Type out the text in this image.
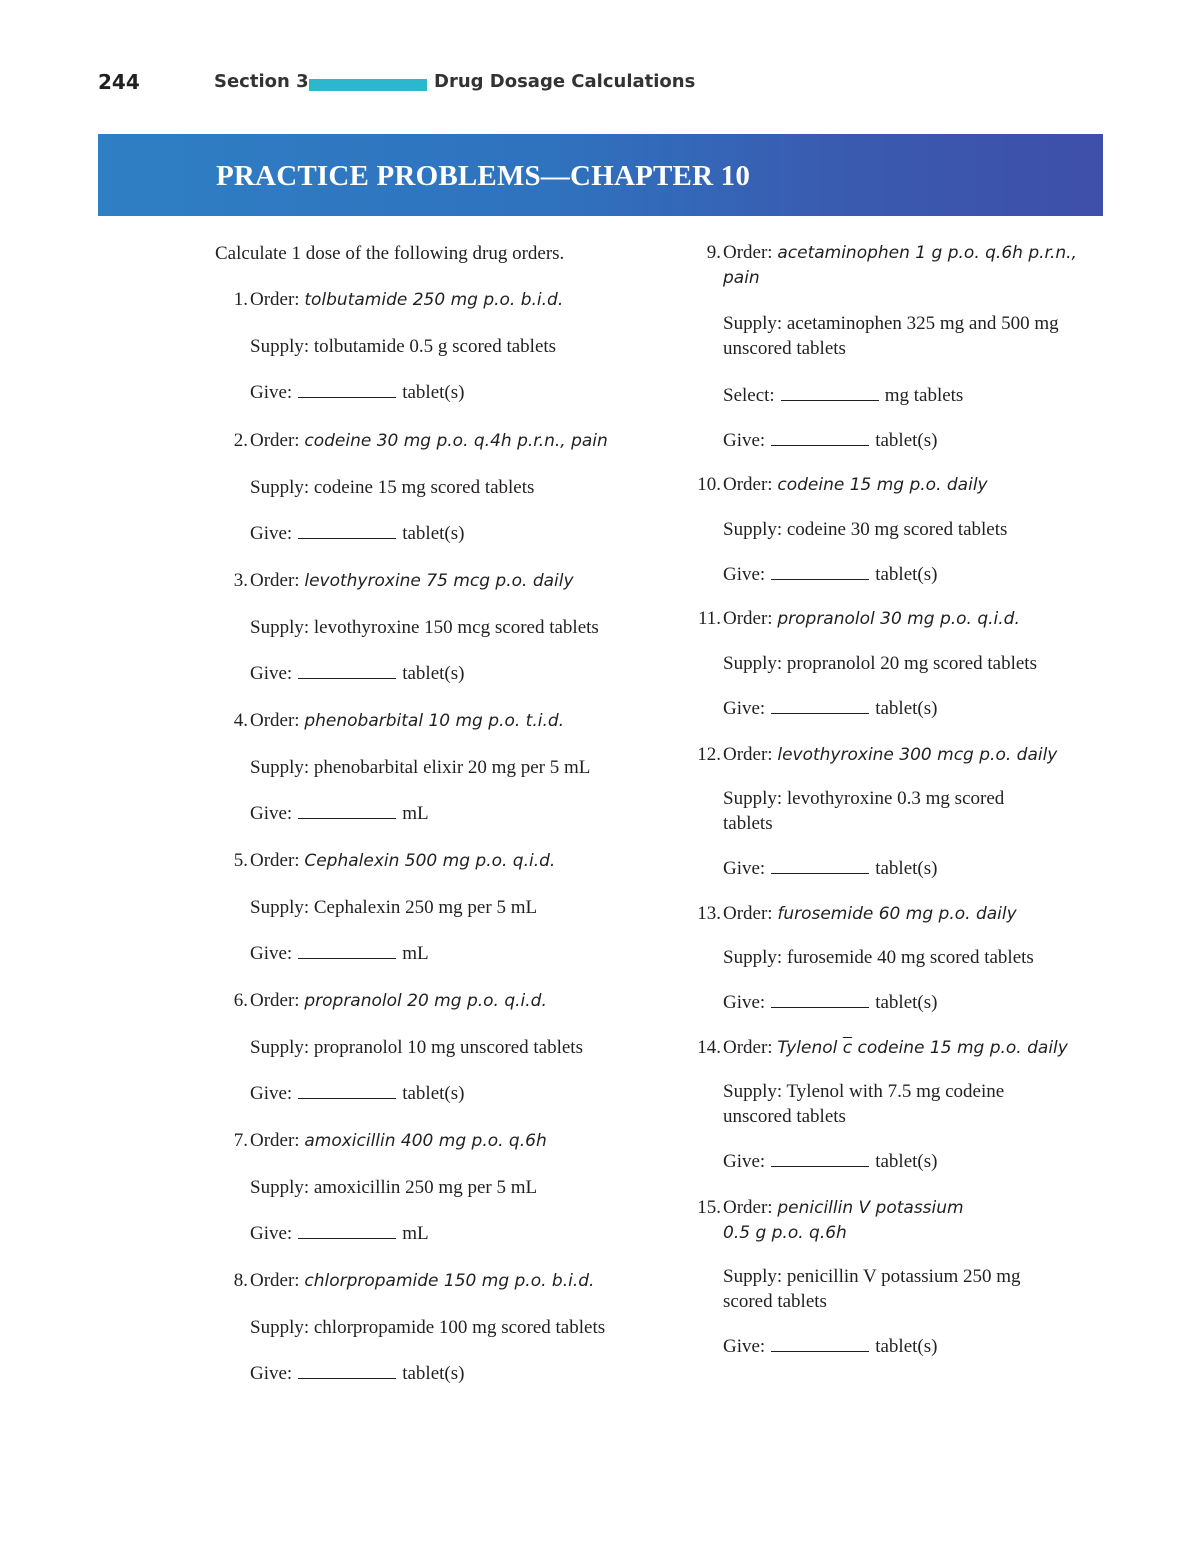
244	Section 3	Drug Dosage Calculations
PRACTICE PROBLEMS—CHAPTER 10
Calculate 1 dose of the following drug orders.
1. Order: tolbutamide 250 mg p.o. b.i.d.
Supply: tolbutamide 0.5 g scored tablets
Give:	tablet(s)
2. Order: codeine 30 mg p.o. q.4h p.r.n., pain
Supply: codeine 15 mg scored tablets
Give:	tablet(s)
3. Order: levothyroxine 75 mcg p.o. daily
Supply: levothyroxine 150 mcg scored tablets
Give:	tablet(s)
4. Order: phenobarbital 10 mg p.o. t.i.d.
Supply: phenobarbital elixir 20 mg per 5 mL
Give:	mL
5. Order: Cephalexin 500 mg p.o. q.i.d.
Supply: Cephalexin 250 mg per 5 mL
Give:	mL
6. Order: propranolol 20 mg p.o. q.i.d.
Supply: propranolol 10 mg unscored tablets
Give:	tablet(s)
7. Order: amoxicillin 400 mg p.o. q.6h
Supply: amoxicillin 250 mg per 5 mL
Give:	mL
8. Order: chlorpropamide 150 mg p.o. b.i.d.
Supply: chlorpropamide 100 mg scored tablets
Give:	tablet(s)
9. Order: acetaminophen 1 g p.o. q.6h p.r.n.,
pain
Supply: acetaminophen 325 mg and 500 mg
unscored tablets
Select:	mg tablets
Give:	tablet(s)
10. Order: codeine 15 mg p.o. daily
Supply: codeine 30 mg scored tablets
Give:	tablet(s)
11. Order: propranolol 30 mg p.o. q.i.d.
Supply: propranolol 20 mg scored tablets
Give:	tablet(s)
12. Order: levothyroxine 300 mcg p.o. daily
Supply: levothyroxine 0.3 mg scored
tablets
Give:	tablet(s)
13. Order: furosemide 60 mg p.o. daily
Supply: furosemide 40 mg scored tablets
Give:	tablet(s)
14. Order: Tylenol $\overline{c}$ codeine 15 mg p.o. daily
Supply: Tylenol with 7.5 mg codeine
unscored tablets
Give:	tablet(s)
15. Order: penicillin V potassium
0.5 g p.o. q.6h
Supply: penicillin V potassium 250 mg
scored tablets
Give:	tablet(s)
